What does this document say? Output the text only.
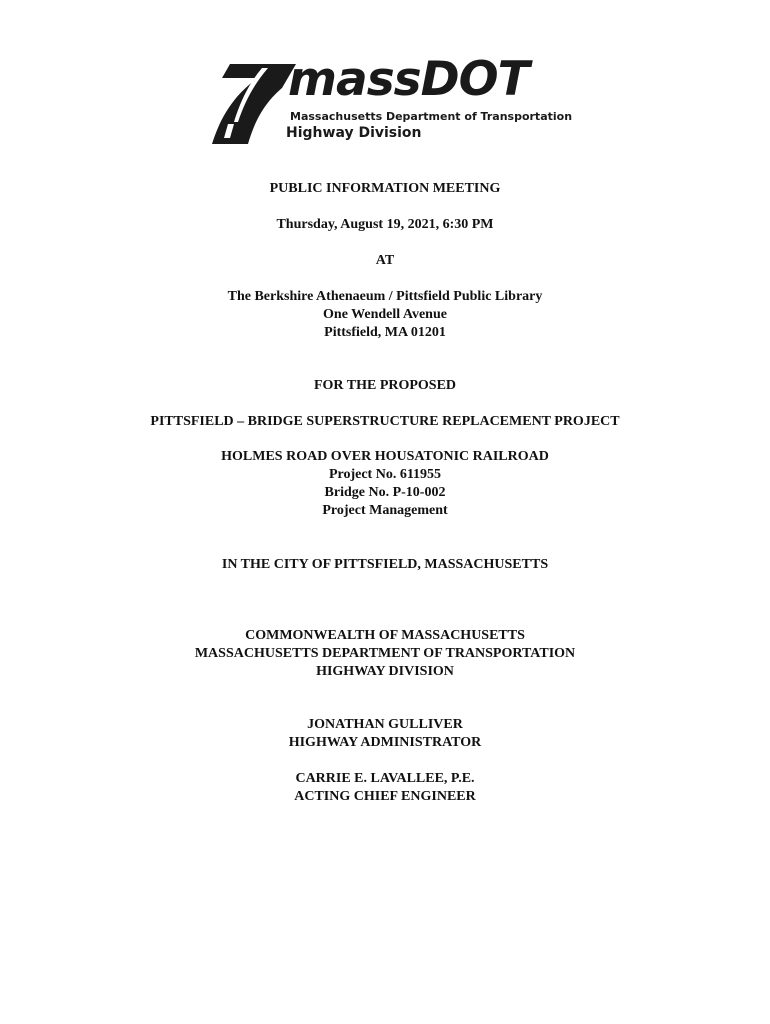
massDOT
Massachusetts Department of Transportation
Highway Division
PUBLIC INFORMATION MEETING
Thursday, August 19, 2021, 6:30 PM
AT
The Berkshire Athenaeum / Pittsfield Public Library
One Wendell Avenue
Pittsfield, MA 01201
FOR THE PROPOSED
PITTSFIELD – BRIDGE SUPERSTRUCTURE REPLACEMENT PROJECT
HOLMES ROAD OVER HOUSATONIC RAILROAD
Project No. 611955
Bridge No. P-10-002
Project Management
IN THE CITY OF PITTSFIELD, MASSACHUSETTS
COMMONWEALTH OF MASSACHUSETTS
MASSACHUSETTS DEPARTMENT OF TRANSPORTATION
HIGHWAY DIVISION
JONATHAN GULLIVER
HIGHWAY ADMINISTRATOR
CARRIE E. LAVALLEE, P.E.
ACTING CHIEF ENGINEER
